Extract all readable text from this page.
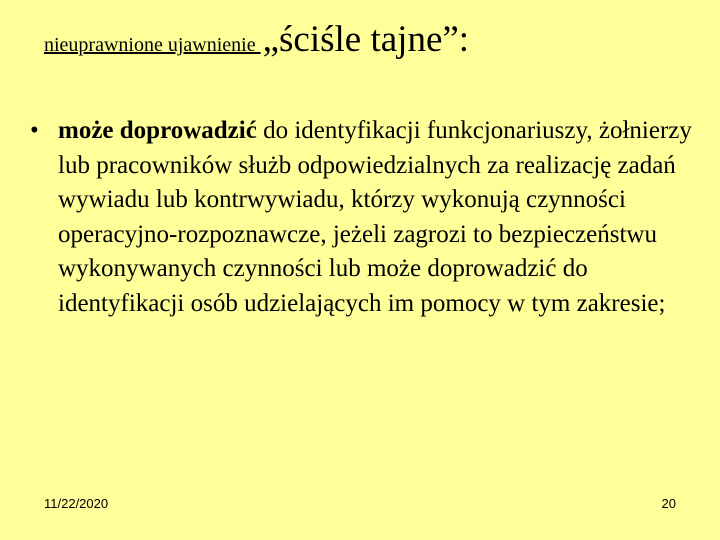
nieuprawnione ujawnienie „ściśle tajne”:
• może doprowadzić do identyfikacji funkcjonariuszy, żołnierzy lub pracowników służb odpowiedzialnych za realizację zadań wywiadu lub kontrwywiadu, którzy wykonują czynności operacyjno-rozpoznawcze, jeżeli zagrozi to bezpieczeństwu wykonywanych czynności lub może doprowadzić do identyfikacji osób udzielających im pomocy w tym zakresie;
11/22/2020	20
